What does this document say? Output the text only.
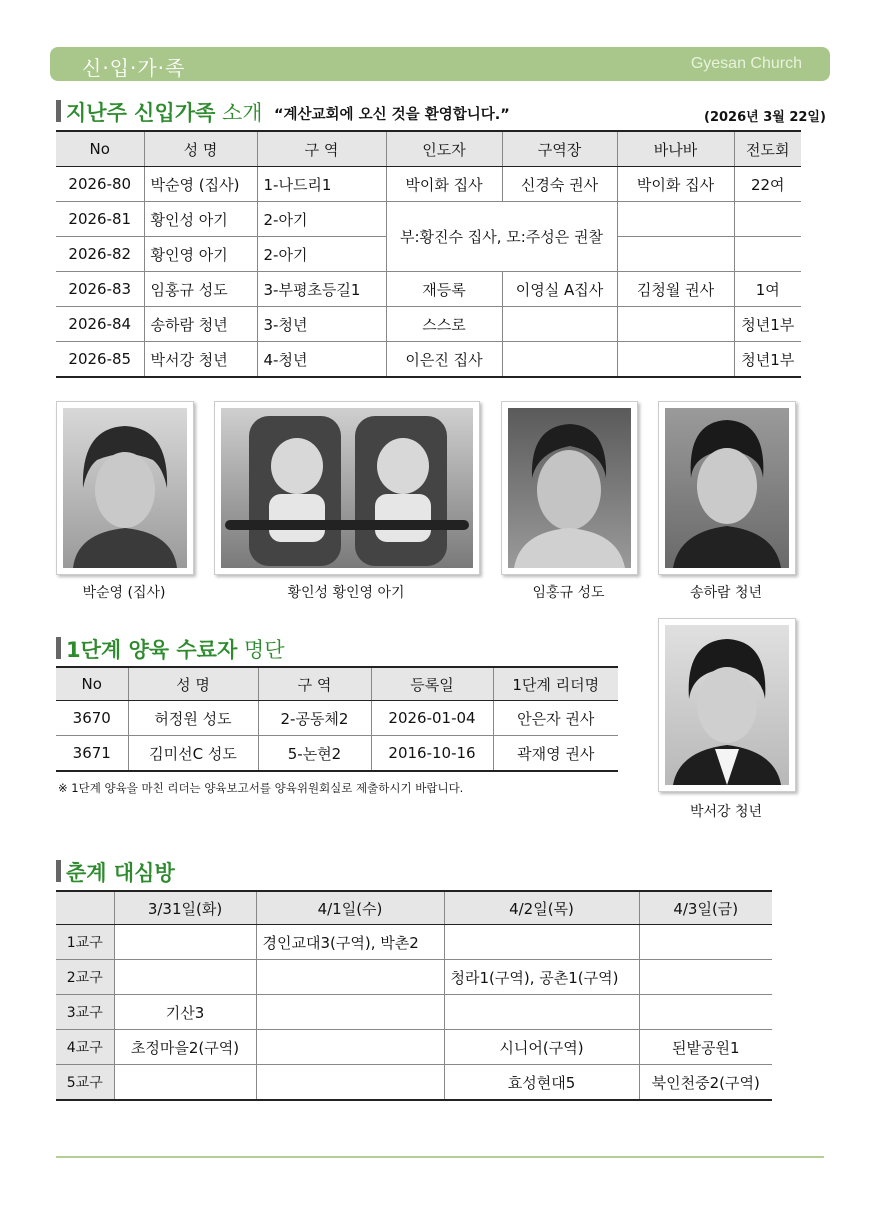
신·입·가·족	Gyesan Church
지난주 신입가족 소개 “계산교회에 오신 것을 환영합니다.”	(2026년 3월 22일)
No	성 명	구 역	인도자	구역장	바나바	전도회
2026-80	박순영 (집사)	1-나드리1	박이화 집사	신경숙 권사	박이화 집사	22여
2026-81	황인성 아기	2-아기	부:황진수 집사, 모:주성은 권찰			
2026-82	황인영 아기	2-아기				
2026-83	임홍규 성도	3-부평초등길1	재등록	이영실 A집사	김청월 권사	1여
2026-84	송하람 청년	3-청년	스스로			청년1부
2026-85	박서강 청년	4-청년	이은진 집사			청년1부
박순영 (집사)	황인성 황인영 아기	임홍규 성도	송하람 청년
박서강 청년
1단계 양육 수료자 명단
No	성 명	구 역	등록일	1단계 리더명
3670	허정원 성도	2-공동체2	2026-01-04	안은자 권사
3671	김미선C 성도	5-논현2	2016-10-16	곽재영 권사
※ 1단계 양육을 마친 리더는 양육보고서를 양육위원회실로 제출하시기 바랍니다.
춘계 대심방
	3/31일(화)	4/1일(수)	4/2일(목)	4/3일(금)
1교구		경인교대3(구역), 박촌2		
2교구			청라1(구역), 공촌1(구역)	
3교구	기산3			
4교구	초정마을2(구역)		시니어(구역)	된밭공원1
5교구			효성현대5	북인천중2(구역)
